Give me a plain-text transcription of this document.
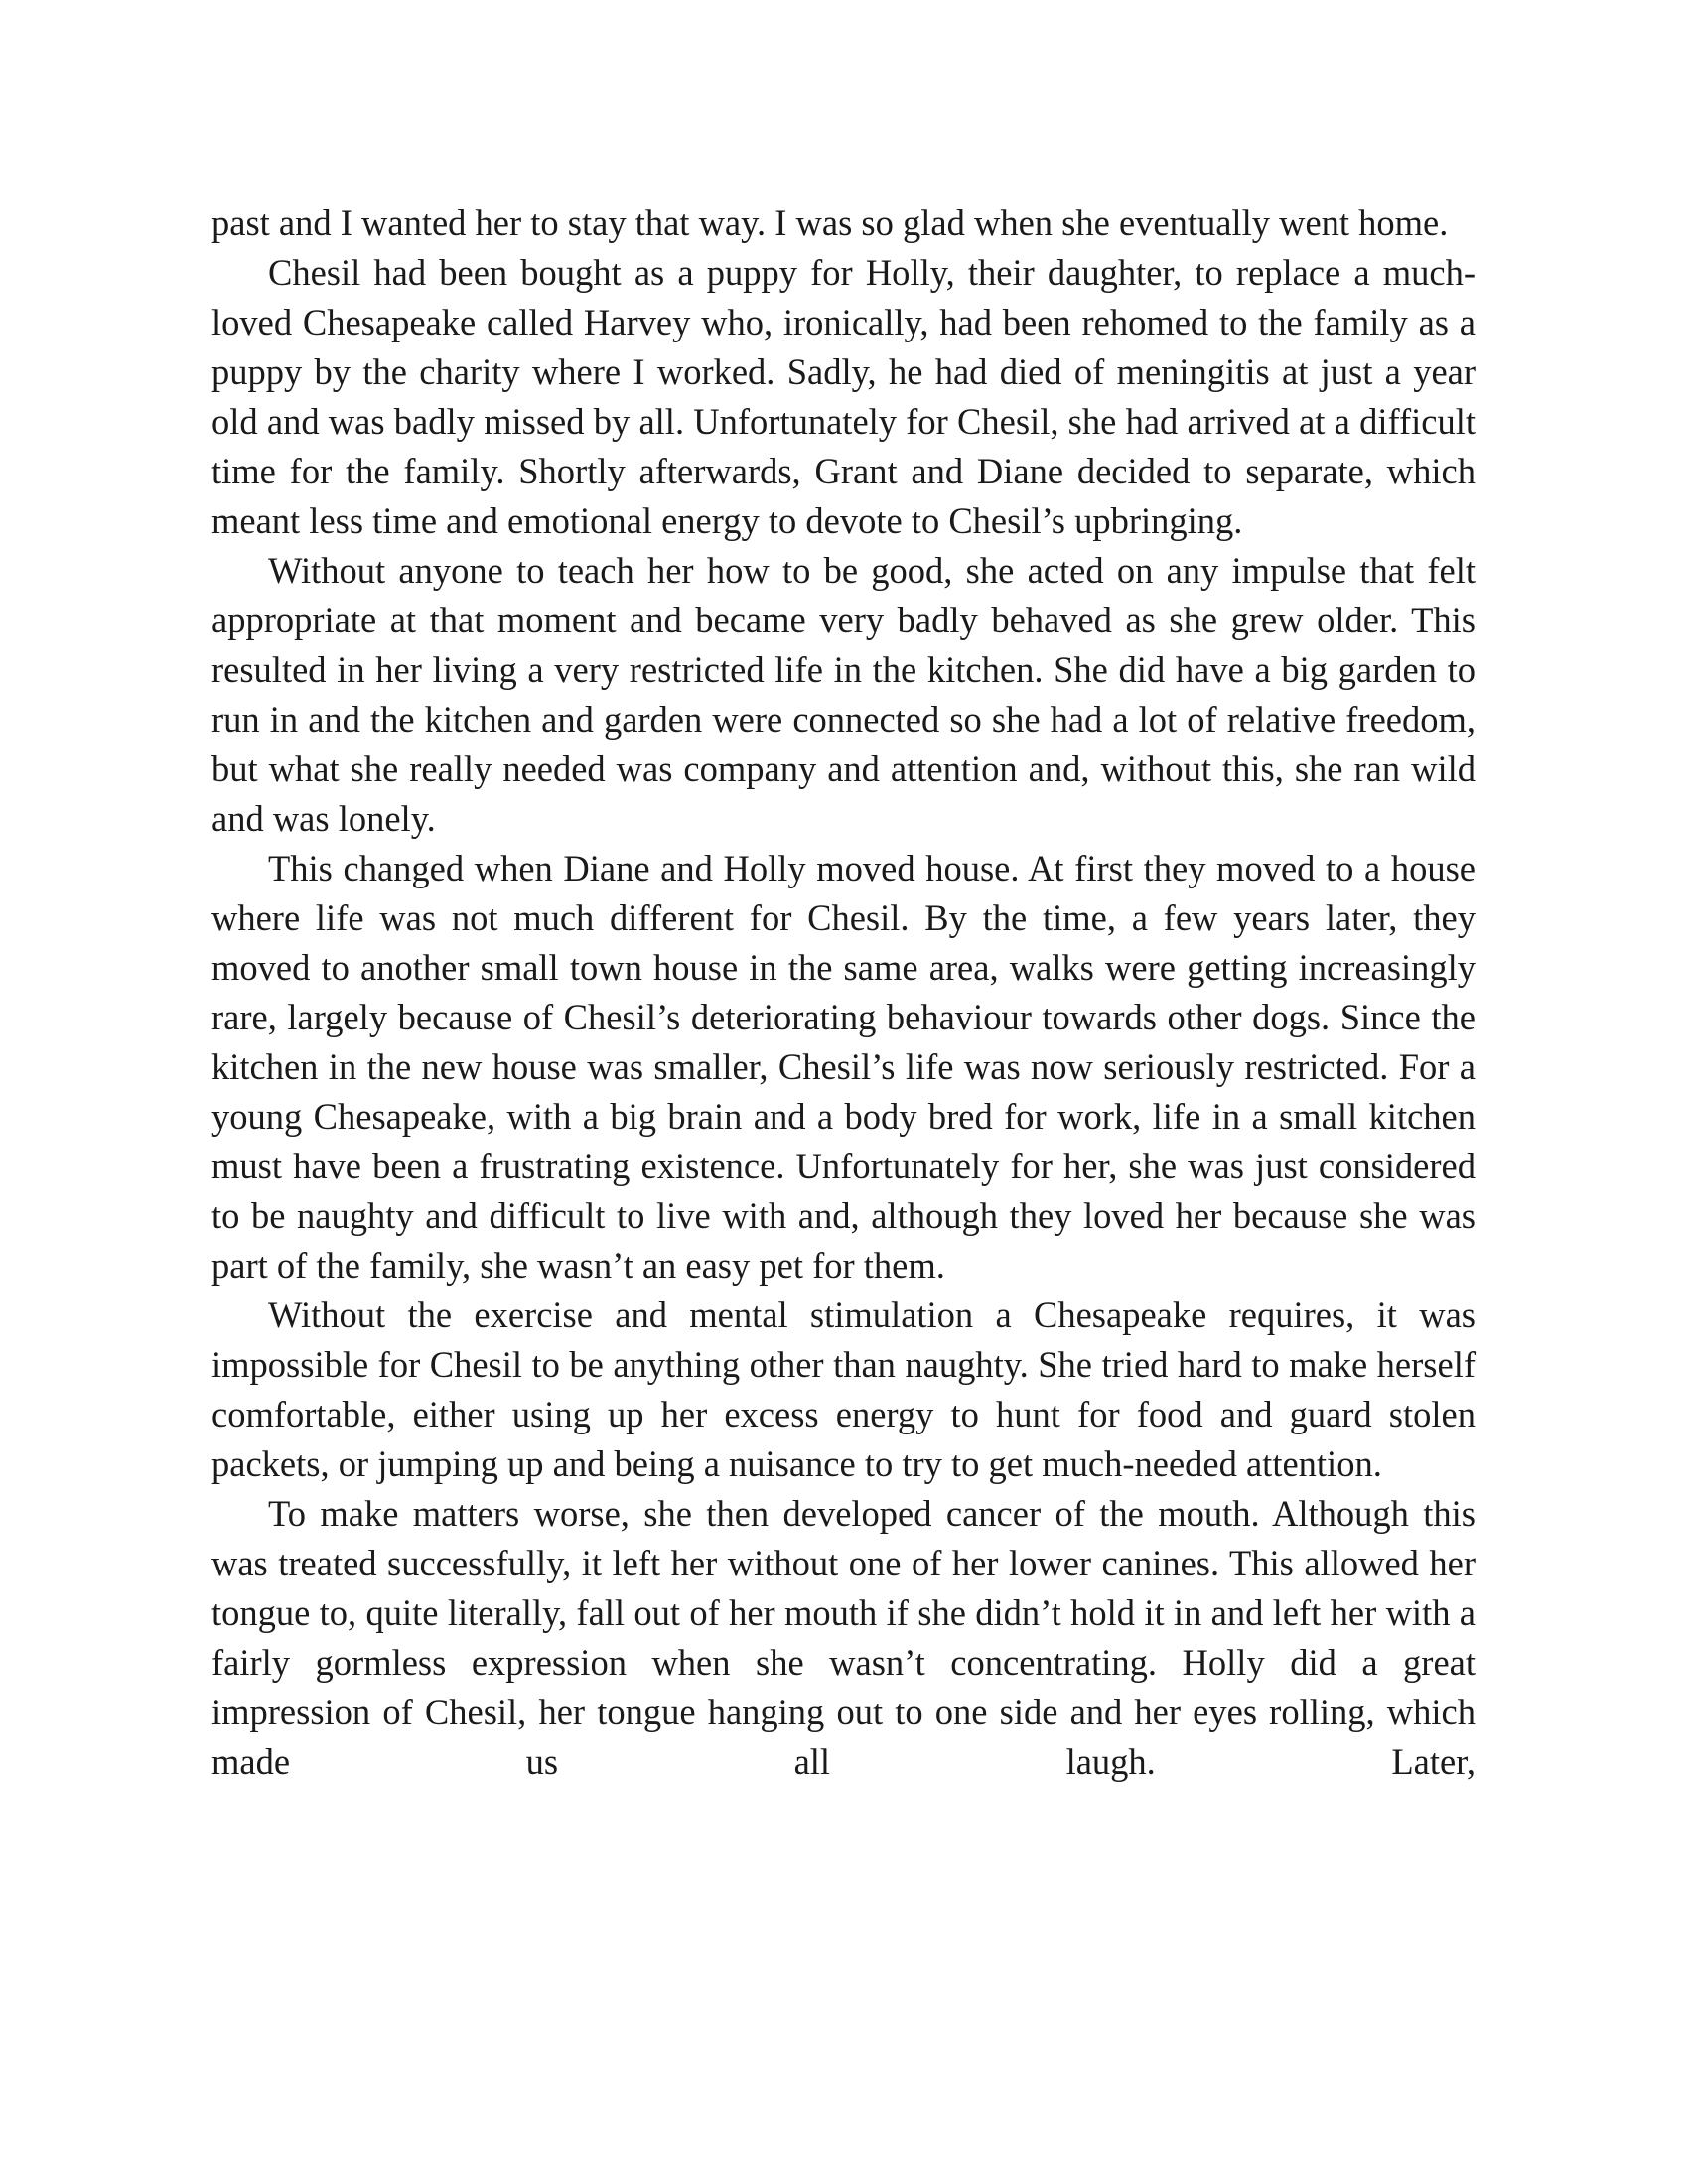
past and I wanted her to stay that way. I was so glad when she eventually went home.

Chesil had been bought as a puppy for Holly, their daughter, to replace a much-loved Chesapeake called Harvey who, ironically, had been rehomed to the family as a puppy by the charity where I worked. Sadly, he had died of meningitis at just a year old and was badly missed by all. Unfortunately for Chesil, she had arrived at a difficult time for the family. Shortly afterwards, Grant and Diane decided to separate, which meant less time and emotional energy to devote to Chesil’s upbringing.

Without anyone to teach her how to be good, she acted on any impulse that felt appropriate at that moment and became very badly behaved as she grew older. This resulted in her living a very restricted life in the kitchen. She did have a big garden to run in and the kitchen and garden were connected so she had a lot of relative freedom, but what she really needed was company and attention and, without this, she ran wild and was lonely.

This changed when Diane and Holly moved house. At first they moved to a house where life was not much different for Chesil. By the time, a few years later, they moved to another small town house in the same area, walks were getting increasingly rare, largely because of Chesil’s deteriorating behaviour towards other dogs. Since the kitchen in the new house was smaller, Chesil’s life was now seriously restricted. For a young Chesapeake, with a big brain and a body bred for work, life in a small kitchen must have been a frustrating existence. Unfortunately for her, she was just considered to be naughty and difficult to live with and, although they loved her because she was part of the family, she wasn’t an easy pet for them.

Without the exercise and mental stimulation a Chesapeake requires, it was impossible for Chesil to be anything other than naughty. She tried hard to make herself comfortable, either using up her excess energy to hunt for food and guard stolen packets, or jumping up and being a nuisance to try to get much-needed attention.

To make matters worse, she then developed cancer of the mouth. Although this was treated successfully, it left her without one of her lower canines. This allowed her tongue to, quite literally, fall out of her mouth if she didn’t hold it in and left her with a fairly gormless expression when she wasn’t concentrating. Holly did a great impression of Chesil, her tongue hanging out to one side and her eyes rolling, which made us all laugh. Later,
